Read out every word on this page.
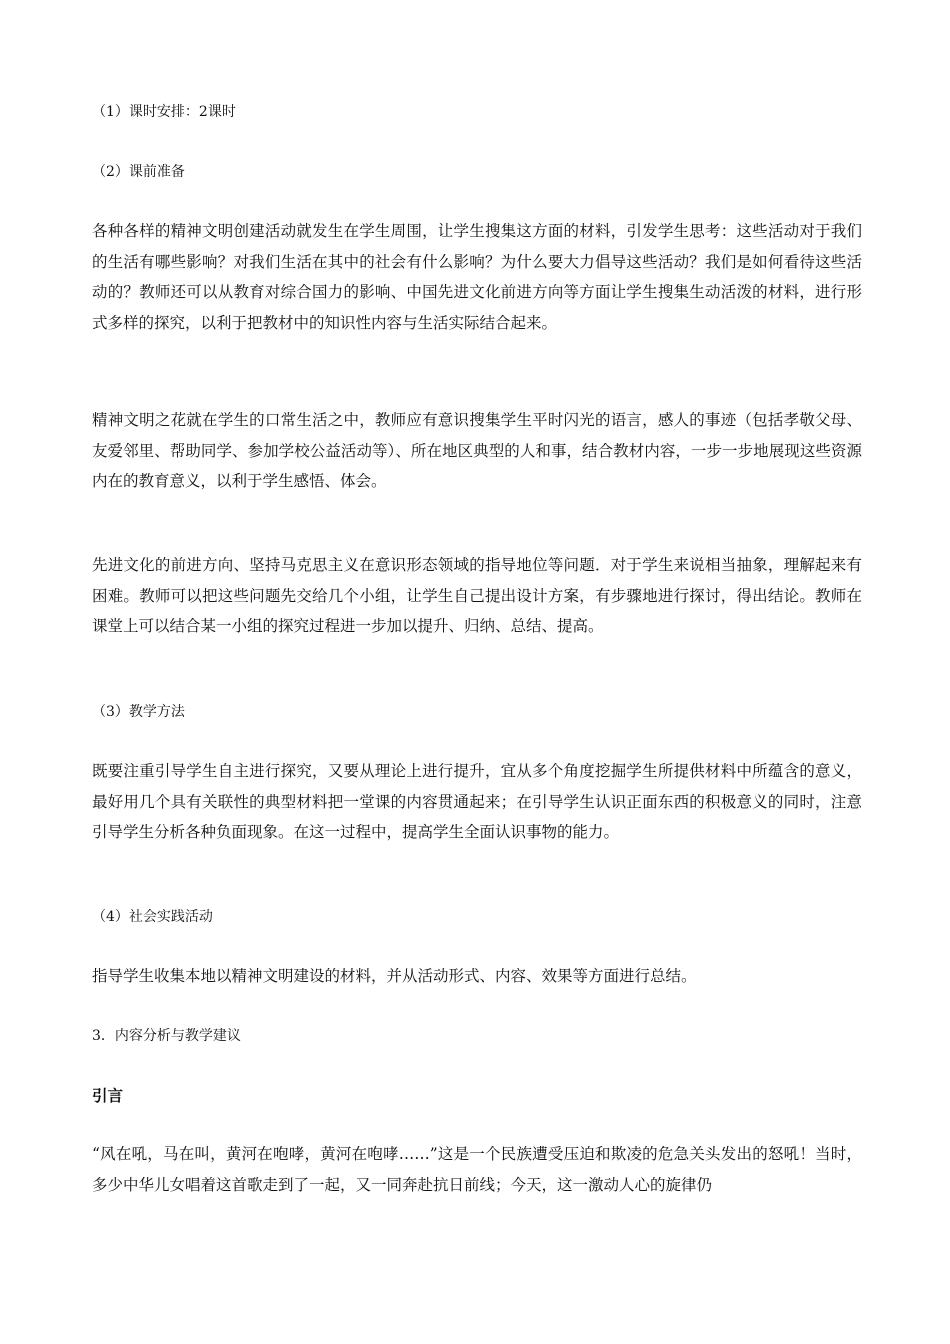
（1）课时安排：2课时

（2）课前准备

各种各样的精神文明创建活动就发生在学生周围，让学生搜集这方面的材料，引发学生思考：这些活动对于我们的生活有哪些影响？对我们生活在其中的社会有什么影响？为什么要大力倡导这些活动？我们是如何看待这些活动的？教师还可以从教育对综合国力的影响、中国先进文化前进方向等方面让学生搜集生动活泼的材料，进行形式多样的探究，以利于把教材中的知识性内容与生活实际结合起来。

精神文明之花就在学生的口常生活之中，教师应有意识搜集学生平时闪光的语言，感人的事迹（包括孝敬父母、友爱邻里、帮助同学、参加学校公益活动等）、所在地区典型的人和事，结合教材内容，一步一步地展现这些资源内在的教育意义，以利于学生感悟、体会。

先进文化的前进方向、坚持马克思主义在意识形态领域的指导地位等问题．对于学生来说相当抽象，理解起来有困难。教师可以把这些问题先交给几个小组，让学生自己提出设计方案，有步骤地进行探讨，得出结论。教师在课堂上可以结合某一小组的探究过程进一步加以提升、归纳、总结、提高。

（3）教学方法

既要注重引导学生自主进行探究，又要从理论上进行提升，宜从多个角度挖掘学生所提供材料中所蕴含的意义，最好用几个具有关联性的典型材料把一堂课的内容贯通起来；在引导学生认识正面东西的积极意义的同时，注意引导学生分析各种负面现象。在这一过程中，提高学生全面认识事物的能力。

（4）社会实践活动

指导学生收集本地以精神文明建设的材料，并从活动形式、内容、效果等方面进行总结。

3．内容分析与教学建议

引言

“风在吼，马在叫，黄河在咆哮，黄河在咆哮……”这是一个民族遭受压迫和欺凌的危急关头发出的怒吼！当时，多少中华儿女唱着这首歌走到了一起，又一同奔赴抗日前线；今天，这一激动人心的旋律仍
